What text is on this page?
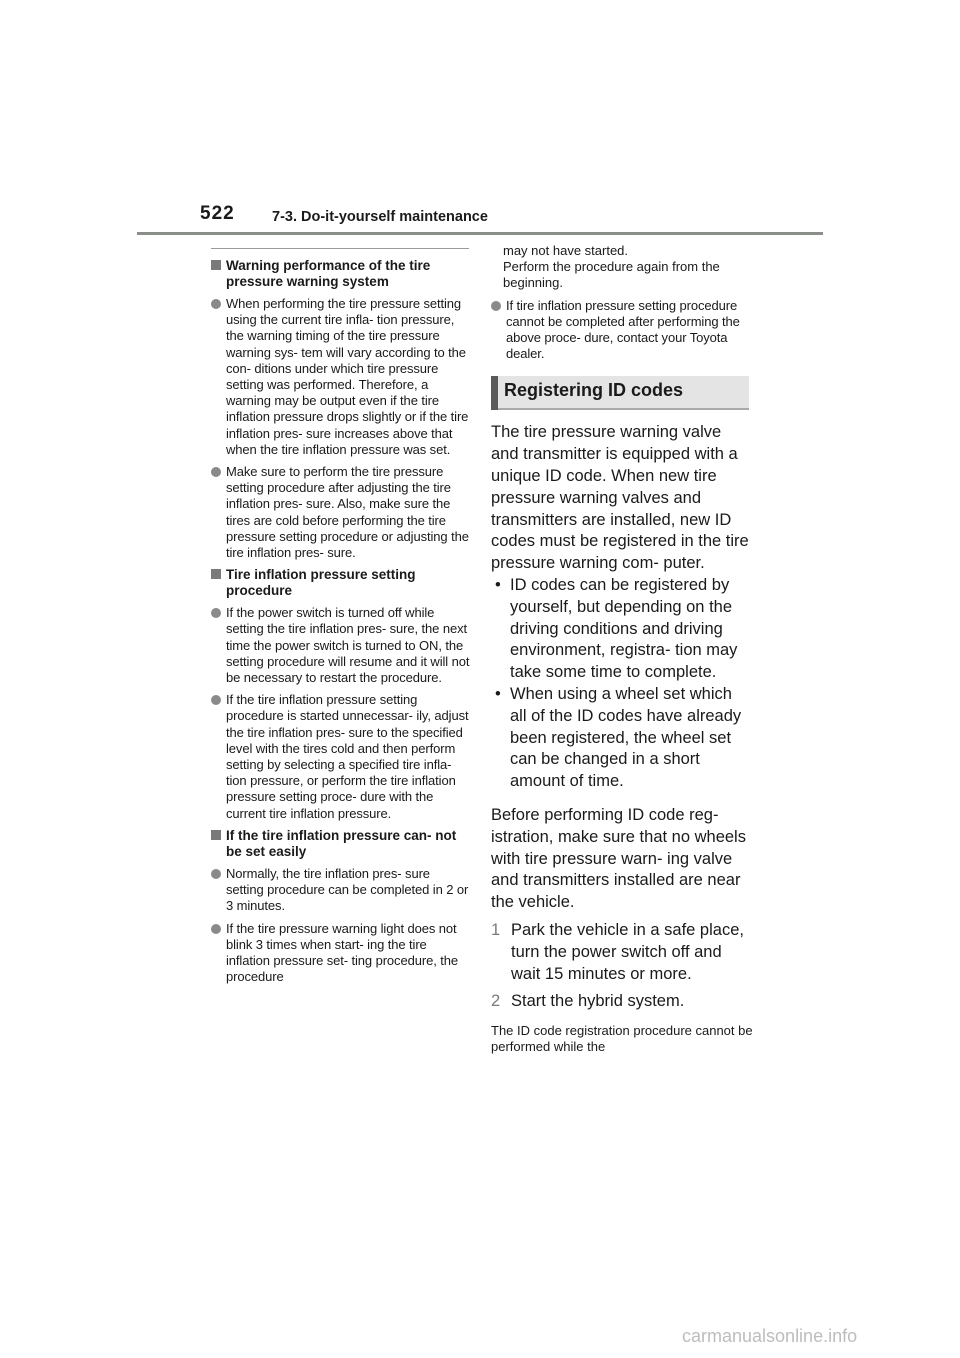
522	7-3. Do-it-yourself maintenance
Warning performance of the tire pressure warning system
When performing the tire pressure setting using the current tire infla- tion pressure, the warning timing of the tire pressure warning sys- tem will vary according to the con- ditions under which tire pressure setting was performed. Therefore, a warning may be output even if the tire inflation pressure drops slightly or if the tire inflation pres- sure increases above that when the tire inflation pressure was set.
Make sure to perform the tire pressure setting procedure after adjusting the tire inflation pres- sure. Also, make sure the tires are cold before performing the tire pressure setting procedure or adjusting the tire inflation pres- sure.
Tire inflation pressure setting procedure
If the power switch is turned off while setting the tire inflation pres- sure, the next time the power switch is turned to ON, the setting procedure will resume and it will not be necessary to restart the procedure.
If the tire inflation pressure setting procedure is started unnecessar- ily, adjust the tire inflation pres- sure to the specified level with the tires cold and then perform setting by selecting a specified tire infla- tion pressure, or perform the tire inflation pressure setting proce- dure with the current tire inflation pressure.
If the tire inflation pressure can- not be set easily
Normally, the tire inflation pres- sure setting procedure can be completed in 2 or 3 minutes.
If the tire pressure warning light does not blink 3 times when start- ing the tire inflation pressure set- ting procedure, the procedure
may not have started.
Perform the procedure again from the beginning.
If tire inflation pressure setting procedure cannot be completed after performing the above proce- dure, contact your Toyota dealer.
Registering ID codes

The tire pressure warning valve and transmitter is equipped with a unique ID code. When new tire pressure warning valves and transmitters are installed, new ID codes must be registered in the tire pressure warning com- puter.

• ID codes can be registered by yourself, but depending on the driving conditions and driving environment, registra- tion may take some time to complete.
• When using a wheel set which all of the ID codes have already been registered, the wheel set can be changed in a short amount of time.

Before performing ID code reg- istration, make sure that no wheels with tire pressure warn- ing valve and transmitters installed are near the vehicle.

1 Park the vehicle in a safe place, turn the power switch off and wait 15 minutes or more.
2 Start the hybrid system.
The ID code registration procedure cannot be performed while the
carmanualsonline.info
